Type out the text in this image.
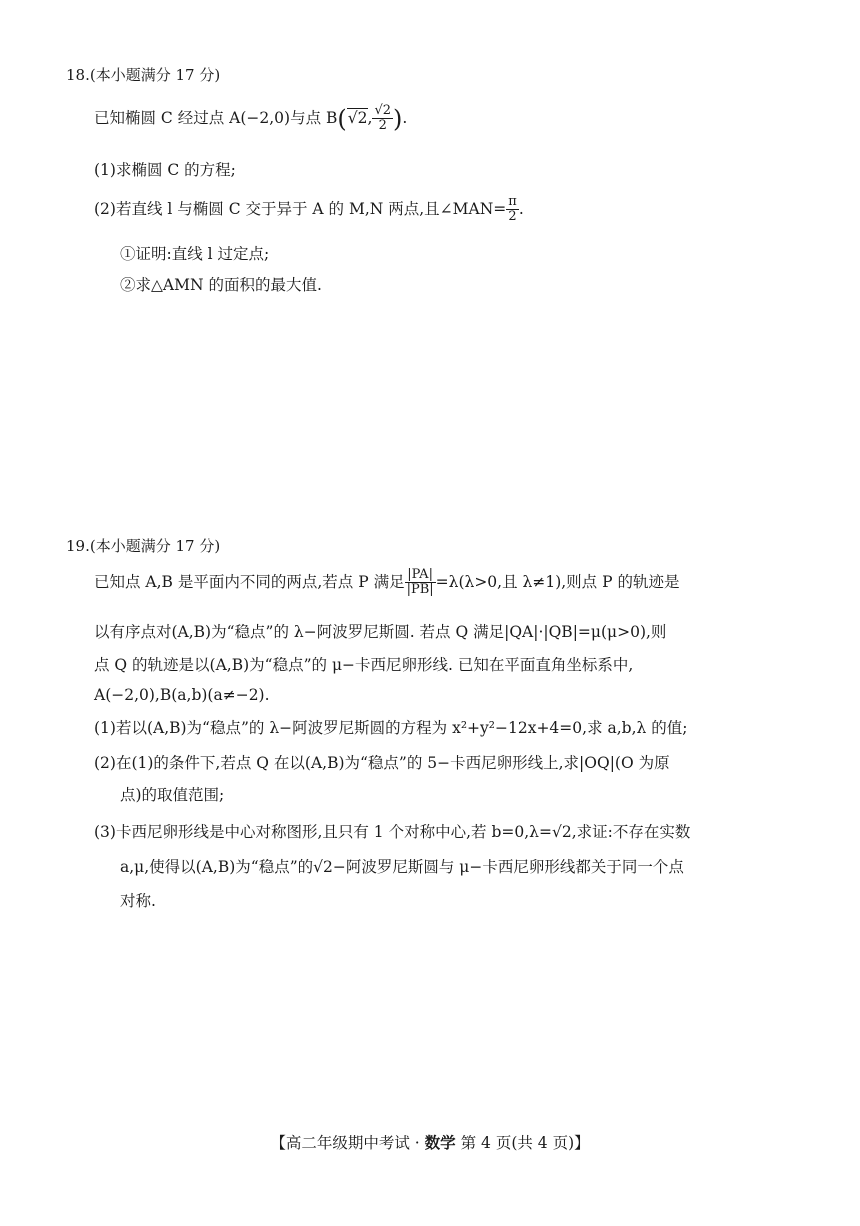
18.(本小题满分 17 分)
已知椭圆 C 经过点 A(−2,0)与点 B(√2, $\frac{√2}{2}$ ).
(1)求椭圆 C 的方程;
(2)若直线 l 与椭圆 C 交于异于 A 的 M,N 两点,且∠MAN= $\frac{\pi}{2}$ .
①证明:直线 l 过定点;
②求△AMN 的面积的最大值.
19.(本小题满分 17 分)
已知点 A,B 是平面内不同的两点,若点 P 满足 $\frac{|PA|}{|PB|} =\lambda(\lambda>0$,且 λ≠1),则点 P 的轨迹是
以有序点对(A,B)为“稳点”的 λ−阿波罗尼斯圆. 若点 Q 满足|QA|·|QB|=μ(μ>0),则
点 Q 的轨迹是以(A,B)为“稳点”的 μ−卡西尼卵形线. 已知在平面直角坐标系中,
A(−2,0),B(a,b)(a≠−2).
(1)若以(A,B)为“稳点”的 λ−阿波罗尼斯圆的方程为 x²+y²−12x+4=0,求 a,b,λ 的值;
(2)在(1)的条件下,若点 Q 在以(A,B)为“稳点”的 5−卡西尼卵形线上,求|OQ|(O 为原
点)的取值范围;
(3)卡西尼卵形线是中心对称图形,且只有 1 个对称中心,若 b=0,λ=√2,求证:不存在实数
a,μ,使得以(A,B)为“稳点”的√2−阿波罗尼斯圆与 μ−卡西尼卵形线都关于同一个点
对称.
【高二年级期中考试 · 数学 第 4 页(共 4 页)】
